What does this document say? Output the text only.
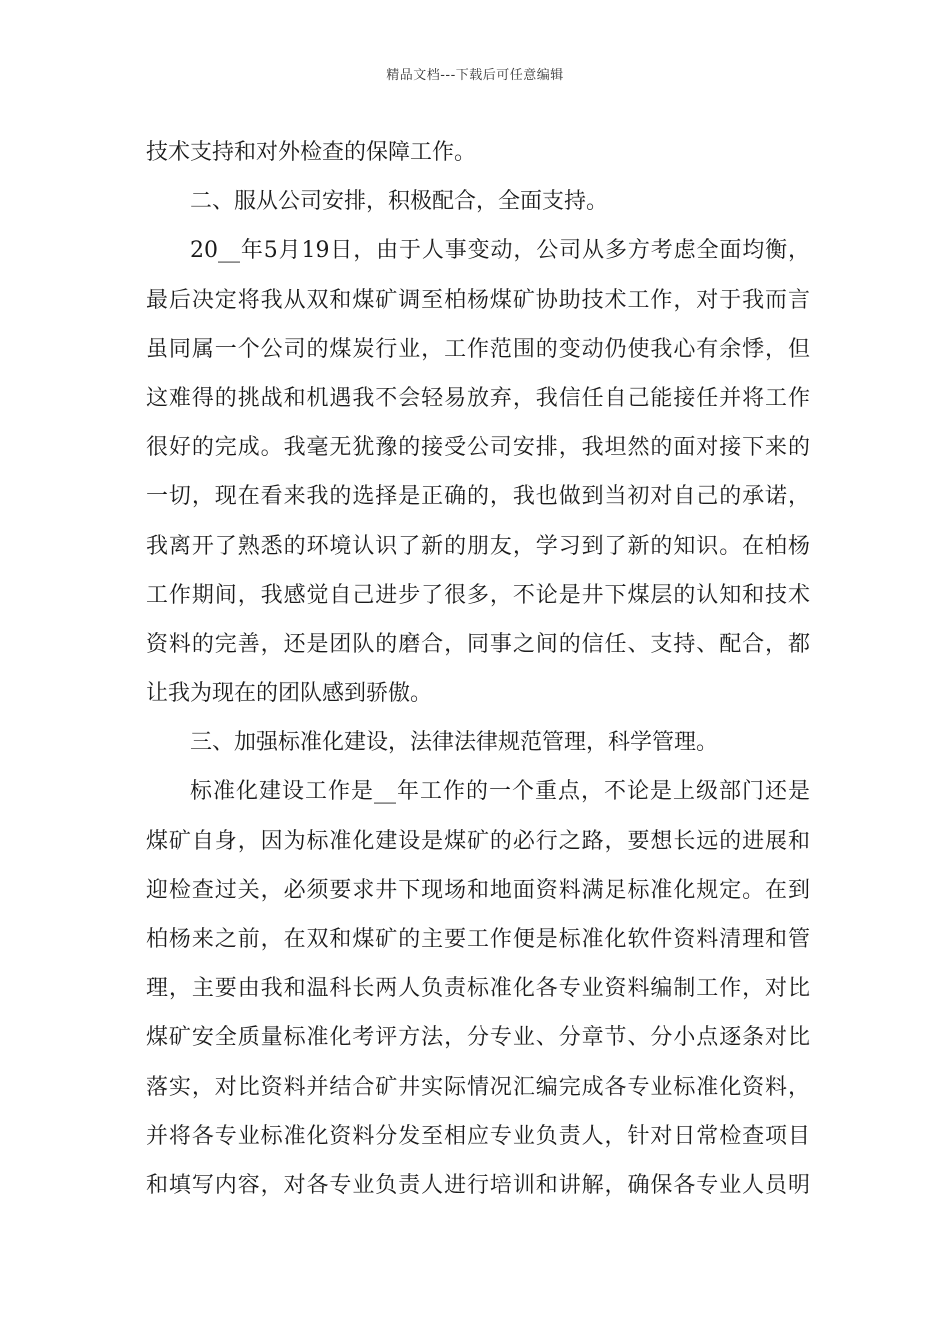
精品文档---下载后可任意编辑
技术支持和对外检查的保障工作。
二、服从公司安排，积极配合，全面支持。
20__年5月19日，由于人事变动，公司从多方考虑全面均衡，
最后决定将我从双和煤矿调至柏杨煤矿协助技术工作，对于我而言
虽同属一个公司的煤炭行业，工作范围的变动仍使我心有余悸，但
这难得的挑战和机遇我不会轻易放弃，我信任自己能接任并将工作
很好的完成。我毫无犹豫的接受公司安排，我坦然的面对接下来的
一切，现在看来我的选择是正确的，我也做到当初对自己的承诺，
我离开了熟悉的环境认识了新的朋友，学习到了新的知识。在柏杨
工作期间，我感觉自己进步了很多，不论是井下煤层的认知和技术
资料的完善，还是团队的磨合，同事之间的信任、支持、配合，都
让我为现在的团队感到骄傲。
三、加强标准化建设，法律法律规范管理，科学管理。
标准化建设工作是__年工作的一个重点，不论是上级部门还是
煤矿自身，因为标准化建设是煤矿的必行之路，要想长远的进展和
迎检查过关，必须要求井下现场和地面资料满足标准化规定。在到
柏杨来之前，在双和煤矿的主要工作便是标准化软件资料清理和管
理，主要由我和温科长两人负责标准化各专业资料编制工作，对比
煤矿安全质量标准化考评方法，分专业、分章节、分小点逐条对比
落实，对比资料并结合矿井实际情况汇编完成各专业标准化资料，
并将各专业标准化资料分发至相应专业负责人，针对日常检查项目
和填写内容，对各专业负责人进行培训和讲解，确保各专业人员明
